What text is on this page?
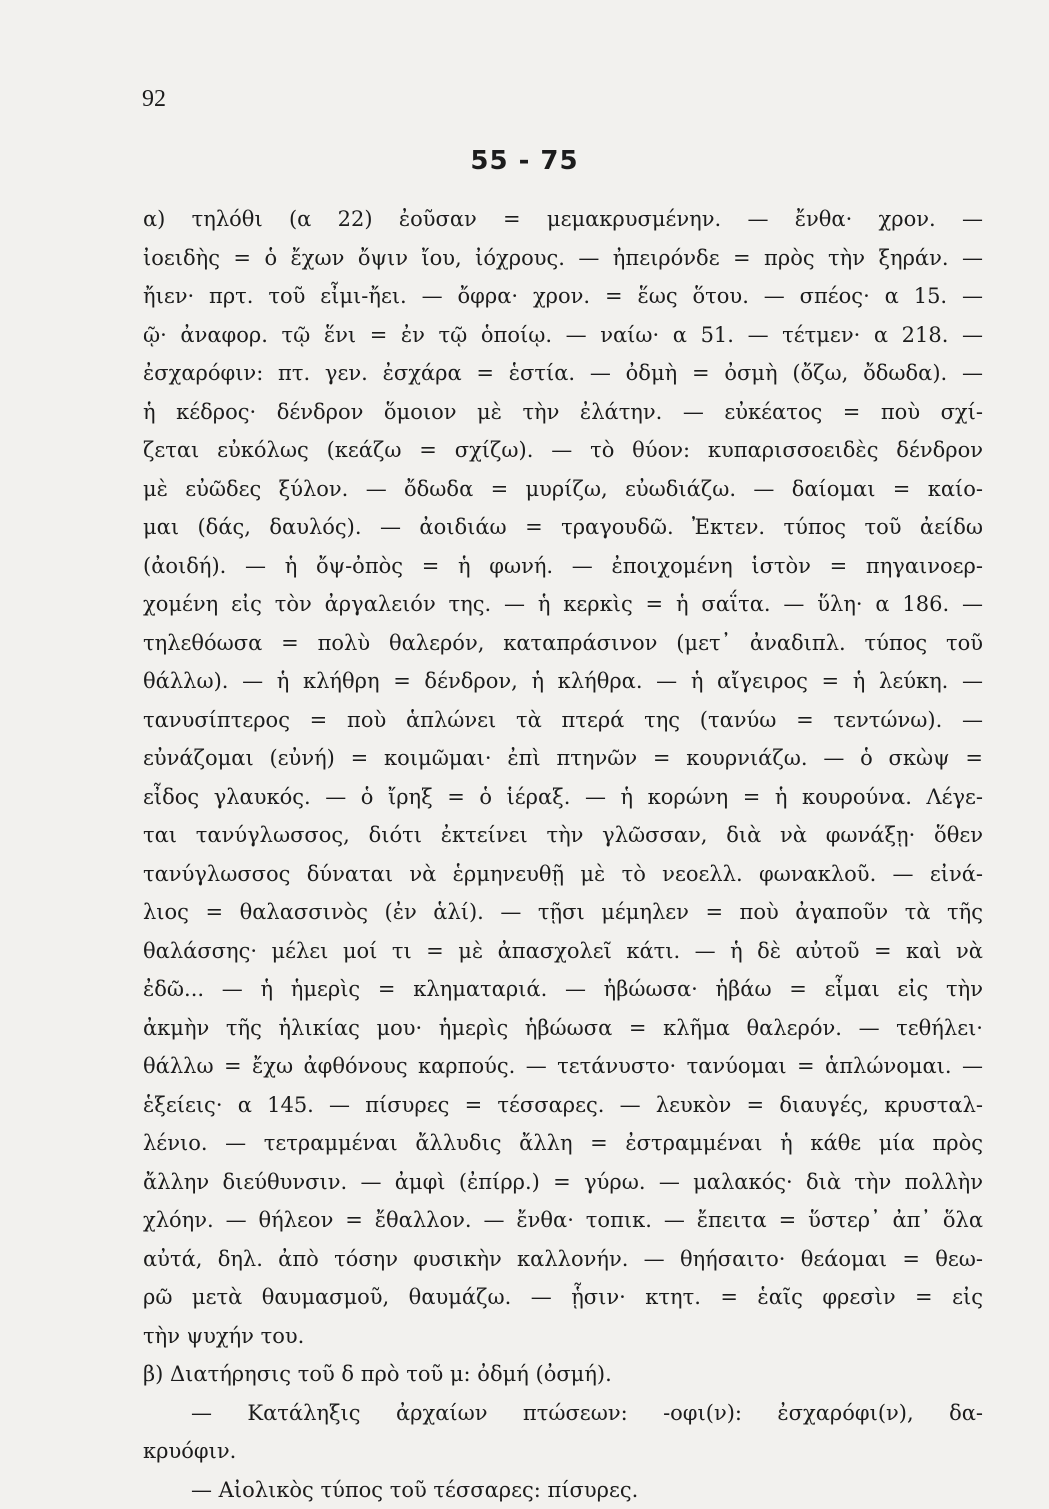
92
55 - 75
α) τηλόθι (α 22) ἐοῦσαν = μεμακρυσμένην. — ἔνθα· χρον. —
ἰοειδὴς = ὁ ἔχων ὄψιν ἴου, ἰόχρους. — ἠπειρόνδε = πρὸς τὴν ξηράν. —
ἤιεν· πρτ. τοῦ εἶμι-ἤει. — ὄφρα· χρον. = ἕως ὅτου. — σπέος· α 15. —
ῷ· ἀναφορ. τῷ ἕνι = ἐν τῷ ὁποίῳ. — ναίω· α 51. — τέτμεν· α 218. —
ἐσχαρόφιν: πτ. γεν. ἐσχάρα = ἑστία. — ὀδμὴ = ὀσμὴ (ὄζω, ὄδωδα). —
ἡ κέδρος· δένδρον ὅμοιον μὲ τὴν ἐλάτην. — εὐκέατος = ποὺ σχί-
ζεται εὐκόλως (κεάζω = σχίζω). — τὸ θύον: κυπαρισσοειδὲς δένδρον
μὲ εὐῶδες ξύλον. — ὄδωδα = μυρίζω, εὐωδιάζω. — δαίομαι = καίο-
μαι (δάς, δαυλός). — ἀοιδιάω = τραγουδῶ. Ἐκτεν. τύπος τοῦ ἀείδω
(ἀοιδή). — ἡ ὄψ-ὀπὸς = ἡ φωνή. — ἐποιχομένη ἱστὸν = πηγαινοερ-
χομένη εἰς τὸν ἀργαλειόν της. — ἡ κερκὶς = ἡ σαΐτα. — ὕλη· α 186. —
τηλεθόωσα = πολὺ θαλερόν, καταπράσινον (μετ᾽ ἀναδιπλ. τύπος τοῦ
θάλλω). — ἡ κλήθρη = δένδρον, ἡ κλήθρα. — ἡ αἴγειρος = ἡ λεύκη. —
τανυσίπτερος = ποὺ ἁπλώνει τὰ πτερά της (τανύω = τεντώνω). —
εὐνάζομαι (εὐνή) = κοιμῶμαι· ἐπὶ πτηνῶν = κουρνιάζω. — ὁ σκὼψ =
εἶδος γλαυκός. — ὁ ἴρηξ = ὁ ἱέραξ. — ἡ κορώνη = ἡ κουρούνα. Λέγε-
ται τανύγλωσσος, διότι ἐκτείνει τὴν γλῶσσαν, διὰ νὰ φωνάξῃ· ὅθεν
τανύγλωσσος δύναται νὰ ἑρμηνευθῇ μὲ τὸ νεοελλ. φωνακλοῦ. — εἰνά-
λιος = θαλασσινὸς (ἐν ἁλί). — τῇσι μέμηλεν = ποὺ ἀγαποῦν τὰ τῆς
θαλάσσης· μέλει μοί τι = μὲ ἀπασχολεῖ κάτι. — ἡ δὲ αὐτοῦ = καὶ νὰ
ἐδῶ... — ἡ ἡμερὶς = κληματαριά. — ἡβώωσα· ἡβάω = εἶμαι εἰς τὴν
ἀκμὴν τῆς ἡλικίας μου· ἡμερὶς ἡβώωσα = κλῆμα θαλερόν. — τεθήλει·
θάλλω = ἔχω ἀφθόνους καρπούς. — τετάνυστο· τανύομαι = ἁπλώνομαι. —
ἑξείεις· α 145. — πίσυρες = τέσσαρες. — λευκὸν = διαυγές, κρυσταλ-
λένιο. — τετραμμέναι ἄλλυδις ἄλλη = ἐστραμμέναι ἡ κάθε μία πρὸς
ἄλλην διεύθυνσιν. — ἀμφὶ (ἐπίρρ.) = γύρω. — μαλακός· διὰ τὴν πολλὴν
χλόην. — θήλεον = ἔθαλλον. — ἔνθα· τοπικ. — ἔπειτα = ὕστερ᾽ ἀπ᾽ ὅλα
αὐτά, δηλ. ἀπὸ τόσην φυσικὴν καλλονήν. — θηήσαιτο· θεάομαι = θεω-
ρῶ μετὰ θαυμασμοῦ, θαυμάζω. — ᾗσιν· κτητ. = ἑαῖς φρεσὶν = εἰς
τὴν ψυχήν του.
β) Διατήρησις τοῦ δ πρὸ τοῦ μ: ὀδμή (ὀσμή).
— Κατάληξις ἀρχαίων πτώσεων: -οφι(ν): ἐσχαρόφι(ν), δα-
κρυόφιν.
— Αἰολικὸς τύπος τοῦ τέσσαρες: πίσυρες.
